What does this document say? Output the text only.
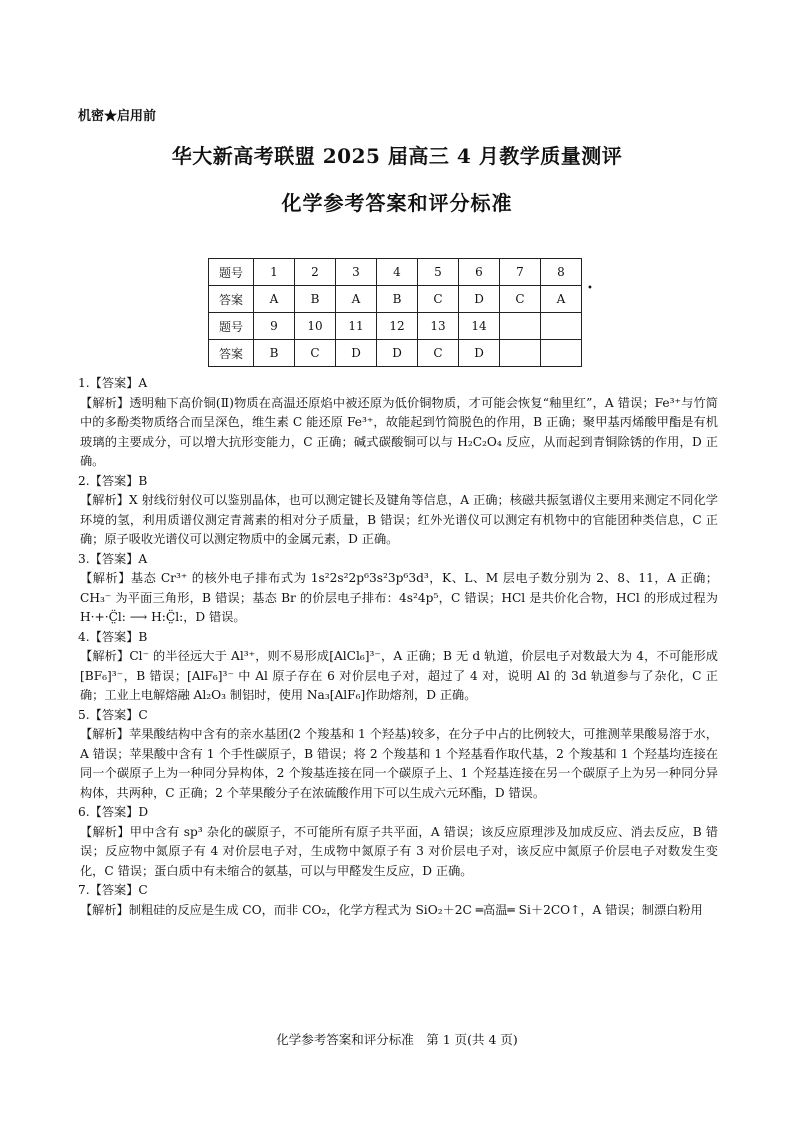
机密★启用前
华大新高考联盟 2025 届高三 4 月教学质量测评
化学参考答案和评分标准
题号	1	2	3	4	5	6	7	8
答案	A	B	A	B	C	D	C	A
题号	9	10	11	12	13	14		
答案	B	C	D	D	C	D		
•

1.【答案】A

【解析】透明釉下高价铜(Ⅱ)物质在高温还原焰中被还原为低价铜物质，才可能会恢复“釉里红”，A 错误；Fe³⁺与竹简中的多酚类物质络合而呈深色，维生素 C 能还原 Fe³⁺，故能起到竹简脱色的作用，B 正确；聚甲基丙烯酸甲酯是有机玻璃的主要成分，可以增大抗形变能力，C 正确；碱式碳酸铜可以与 H₂C₂O₄ 反应，从而起到青铜除锈的作用，D 正确。

2.【答案】B

【解析】X 射线衍射仪可以鉴别晶体，也可以测定键长及键角等信息，A 正确；核磁共振氢谱仪主要用来测定不同化学环境的氢，利用质谱仪测定青蒿素的相对分子质量，B 错误；红外光谱仪可以测定有机物中的官能团种类信息，C 正确；原子吸收光谱仪可以测定物质中的金属元素，D 正确。

3.【答案】A

【解析】基态 Cr³⁺ 的核外电子排布式为 1s²2s²2p⁶3s²3p⁶3d³，K、L、M 层电子数分别为 2、8、11，A 正确；CH₃⁻ 为平面三角形，B 错误；基态 Br 的价层电子排布：4s²4p⁵，C 错误；HCl 是共价化合物，HCl 的形成过程为H·+·C̤̈l: ⟶ H:C̤̈l:，D 错误。

4.【答案】B

【解析】Cl⁻ 的半径远大于 Al³⁺，则不易形成[AlCl₆]³⁻，A 正确；B 无 d 轨道，价层电子对数最大为 4，不可能形成[BF₆]³⁻，B 错误；[AlF₆]³⁻ 中 Al 原子存在 6 对价层电子对，超过了 4 对，说明 Al 的 3d 轨道参与了杂化，C 正确；工业上电解熔融 Al₂O₃ 制铝时，使用 Na₃[AlF₆]作助熔剂，D 正确。

5.【答案】C

【解析】苹果酸结构中含有的亲水基团(2 个羧基和 1 个羟基)较多，在分子中占的比例较大，可推测苹果酸易溶于水，A 错误；苹果酸中含有 1 个手性碳原子，B 错误；将 2 个羧基和 1 个羟基看作取代基，2 个羧基和 1 个羟基均连接在同一个碳原子上为一种同分异构体，2 个羧基连接在同一个碳原子上、1 个羟基连接在另一个碳原子上为另一种同分异构体，共两种，C 正确；2 个苹果酸分子在浓硫酸作用下可以生成六元环酯，D 错误。

6.【答案】D

【解析】甲中含有 sp³ 杂化的碳原子，不可能所有原子共平面，A 错误；该反应原理涉及加成反应、消去反应，B 错误；反应物中氮原子有 4 对价层电子对，生成物中氮原子有 3 对价层电子对，该反应中氮原子价层电子对数发生变化，C 错误；蛋白质中有未缩合的氨基，可以与甲醛发生反应，D 正确。

7.【答案】C

【解析】制粗硅的反应是生成 CO，而非 CO₂，化学方程式为 SiO₂＋2C ═高温═ Si＋2CO↑，A 错误；制漂白粉用

化学参考答案和评分标准　第 1 页(共 4 页)
